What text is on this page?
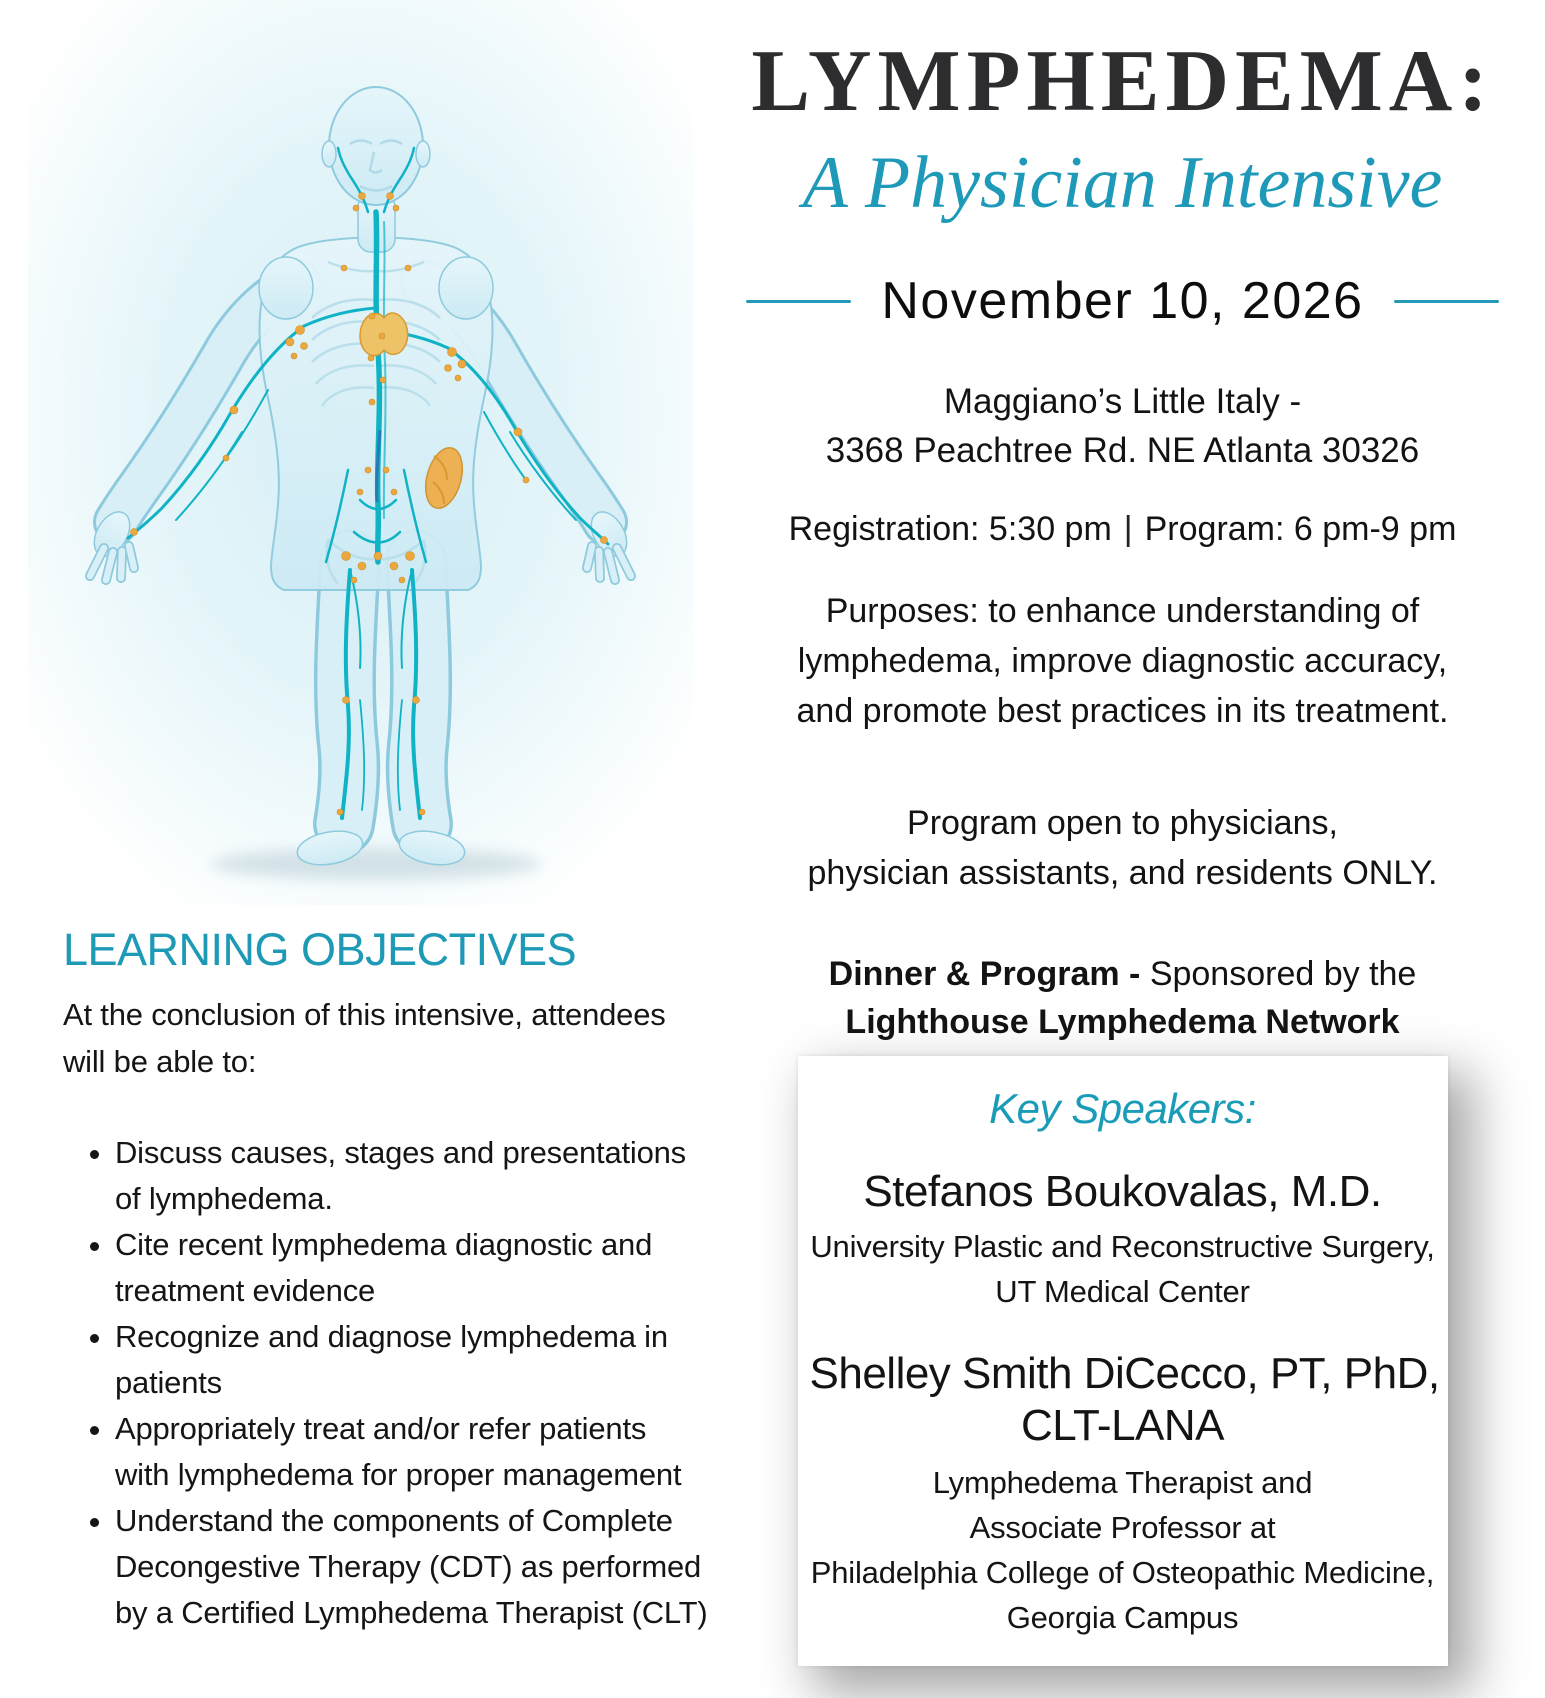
LEARNING OBJECTIVES

At the conclusion of this intensive, attendees will be able to:

• Discuss causes, stages and presentations of lymphedema.
• Cite recent lymphedema diagnostic and treatment evidence
• Recognize and diagnose lymphedema in patients
• Appropriately treat and/or refer patients with lymphedema for proper management
• Understand the components of Complete Decongestive Therapy (CDT) as performed by a Certified Lymphedema Therapist (CLT)
LYMPHEDEMA:
A Physician Intensive
November 10, 2026
Maggiano’s Little Italy -
3368 Peachtree Rd. NE Atlanta 30326
Registration: 5:30 pm | Program: 6 pm-9 pm
Purposes: to enhance understanding of
lymphedema, improve diagnostic accuracy,
and promote best practices in its treatment.
Program open to physicians,
physician assistants, and residents ONLY.
Dinner & Program - Sponsored by the
Lighthouse Lymphedema Network
Key Speakers:
Stefanos Boukovalas, M.D.
University Plastic and Reconstructive Surgery,
UT Medical Center
Shelley Smith DiCecco, PT, PhD,
CLT-LANA
Lymphedema Therapist and
Associate Professor at
Philadelphia College of Osteopathic Medicine,
Georgia Campus
